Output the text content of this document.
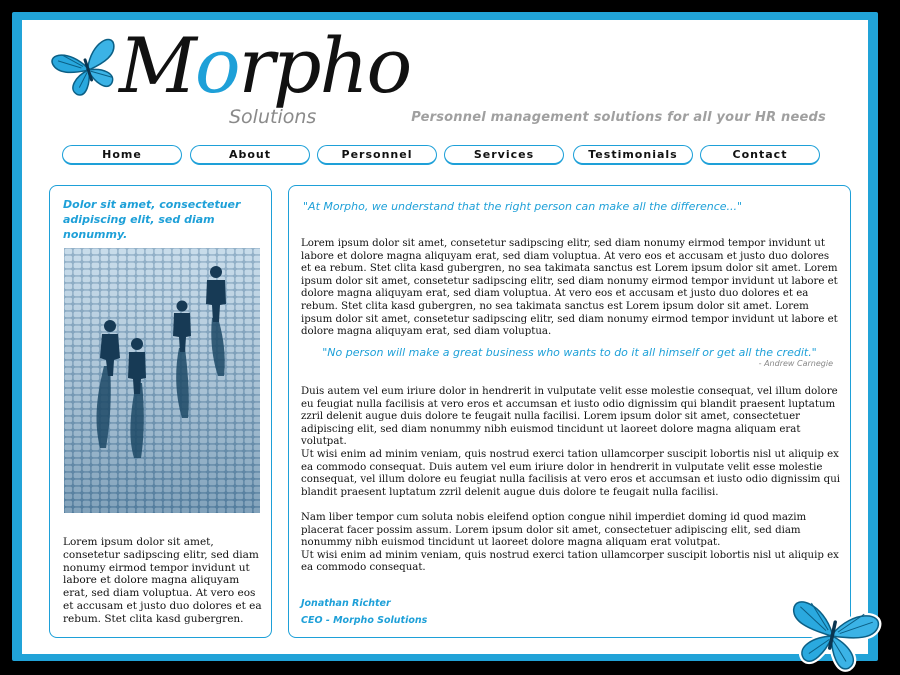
Morpho
Solutions	Personnel management solutions for all your HR needs
Home	About	Personnel	Services	Testimonials	Contact
Dolor sit amet, consectetuer adipiscing elit, sed diam nonummy.
Lorem ipsum dolor sit amet, consetetur sadipscing elitr, sed diam nonumy eirmod tempor invidunt ut labore et dolore magna aliquyam erat, sed diam voluptua. At vero eos et accusam et justo duo dolores et ea rebum. Stet clita kasd gubergren.
"At Morpho, we understand that the right person can make all the difference..."
Lorem ipsum dolor sit amet, consetetur sadipscing elitr, sed diam nonumy eirmod tempor invidunt ut labore et dolore magna aliquyam erat, sed diam voluptua. At vero eos et accusam et justo duo dolores et ea rebum. Stet clita kasd gubergren, no sea takimata sanctus est Lorem ipsum dolor sit amet. Lorem ipsum dolor sit amet, consetetur sadipscing elitr, sed diam nonumy eirmod tempor invidunt ut labore et dolore magna aliquyam erat, sed diam voluptua. At vero eos et accusam et justo duo dolores et ea rebum. Stet clita kasd gubergren, no sea takimata sanctus est Lorem ipsum dolor sit amet. Lorem ipsum dolor sit amet, consetetur sadipscing elitr, sed diam nonumy eirmod tempor invidunt ut labore et dolore magna aliquyam erat, sed diam voluptua.
"No person will make a great business who wants to do it all himself or get all the credit."
- Andrew Carnegie
Duis autem vel eum iriure dolor in hendrerit in vulputate velit esse molestie consequat, vel illum dolore eu feugiat nulla facilisis at vero eros et accumsan et iusto odio dignissim qui blandit praesent luptatum zzril delenit augue duis dolore te feugait nulla facilisi. Lorem ipsum dolor sit amet, consectetuer adipiscing elit, sed diam nonummy nibh euismod tincidunt ut laoreet dolore magna aliquam erat volutpat.
Ut wisi enim ad minim veniam, quis nostrud exerci tation ullamcorper suscipit lobortis nisl ut aliquip ex ea commodo consequat. Duis autem vel eum iriure dolor in hendrerit in vulputate velit esse molestie consequat, vel illum dolore eu feugiat nulla facilisis at vero eros et accumsan et iusto odio dignissim qui blandit praesent luptatum zzril delenit augue duis dolore te feugait nulla facilisi.
Nam liber tempor cum soluta nobis eleifend option congue nihil imperdiet doming id quod mazim placerat facer possim assum. Lorem ipsum dolor sit amet, consectetuer adipiscing elit, sed diam nonummy nibh euismod tincidunt ut laoreet dolore magna aliquam erat volutpat.
Ut wisi enim ad minim veniam, quis nostrud exerci tation ullamcorper suscipit lobortis nisl ut aliquip ex ea commodo consequat.
Jonathan Richter
CEO - Morpho Solutions
